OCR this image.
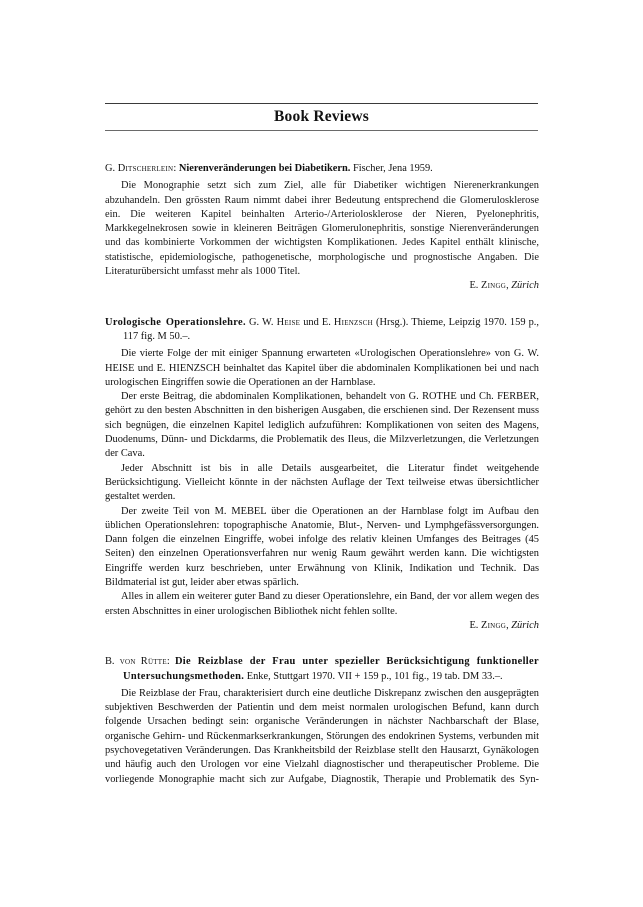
Book Reviews

G. Ditscherlein: Nierenveränderungen bei Diabetikern. Fischer, Jena 1959.

Die Monographie setzt sich zum Ziel, alle für Diabetiker wichtigen Nierenerkrankungen abzuhandeln. Den grössten Raum nimmt dabei ihrer Bedeutung entsprechend die Glomerulosklerose ein. Die weiteren Kapitel beinhalten Arterio-/Arteriolosklerose der Nieren, Pyelonephritis, Markkegelnekrosen sowie in kleineren Beiträgen Glomerulonephritis, sonstige Nierenveränderungen und das kombinierte Vorkommen der wichtigsten Komplikationen. Jedes Kapitel enthält klinische, statistische, epidemiologische, pathogenetische, morphologische und prognostische Angaben. Die Literaturübersicht umfasst mehr als 1000 Titel.

E. Zingg, Zürich

Urologische Operationslehre. G. W. Heise und E. Hienzsch (Hrsg.). Thieme, Leipzig 1970. 159 p., 117 fig. M 50.–.

Die vierte Folge der mit einiger Spannung erwarteten «Urologischen Operationslehre» von G. W. HEISE und E. HIENZSCH beinhaltet das Kapitel über die abdominalen Komplikationen bei und nach urologischen Eingriffen sowie die Operationen an der Harnblase.

Der erste Beitrag, die abdominalen Komplikationen, behandelt von G. ROTHE und Ch. FERBER, gehört zu den besten Abschnitten in den bisherigen Ausgaben, die erschienen sind. Der Rezensent muss sich begnügen, die einzelnen Kapitel lediglich aufzuführen: Komplikationen von seiten des Magens, Duodenums, Dünn- und Dickdarms, die Problematik des Ileus, die Milzverletzungen, die Verletzungen der Cava.

Jeder Abschnitt ist bis in alle Details ausgearbeitet, die Literatur findet weitgehende Berücksichtigung. Vielleicht könnte in der nächsten Auflage der Text teilweise etwas übersichtlicher gestaltet werden.

Der zweite Teil von M. MEBEL über die Operationen an der Harnblase folgt im Aufbau den üblichen Operationslehren: topographische Anatomie, Blut-, Nerven- und Lymphgefässversorgungen. Dann folgen die einzelnen Eingriffe, wobei infolge des relativ kleinen Umfanges des Beitrages (45 Seiten) den einzelnen Operationsverfahren nur wenig Raum gewährt werden kann. Die wichtigsten Eingriffe werden kurz beschrieben, unter Erwähnung von Klinik, Indikation und Technik. Das Bildmaterial ist gut, leider aber etwas spärlich.

Alles in allem ein weiterer guter Band zu dieser Operationslehre, ein Band, der vor allem wegen des ersten Abschnittes in einer urologischen Bibliothek nicht fehlen sollte.

E. Zingg, Zürich

B. von Rütte: Die Reizblase der Frau unter spezieller Berücksichtigung funktioneller Untersuchungsmethoden. Enke, Stuttgart 1970. VII + 159 p., 101 fig., 19 tab. DM 33.–.

Die Reizblase der Frau, charakterisiert durch eine deutliche Diskrepanz zwischen den ausgeprägten subjektiven Beschwerden der Patientin und dem meist normalen urologischen Befund, kann durch folgende Ursachen bedingt sein: organische Veränderungen in nächster Nachbarschaft der Blase, organische Gehirn- und Rückenmarkserkrankungen, Störungen des endokrinen Systems, verbunden mit psychovegetativen Veränderungen. Das Krankheitsbild der Reizblase stellt den Hausarzt, Gynäkologen und häufig auch den Urologen vor eine Vielzahl diagnostischer und therapeutischer Probleme. Die vorliegende Monographie macht sich zur Aufgabe, Diagnostik, Therapie und Problematik des Syn-
